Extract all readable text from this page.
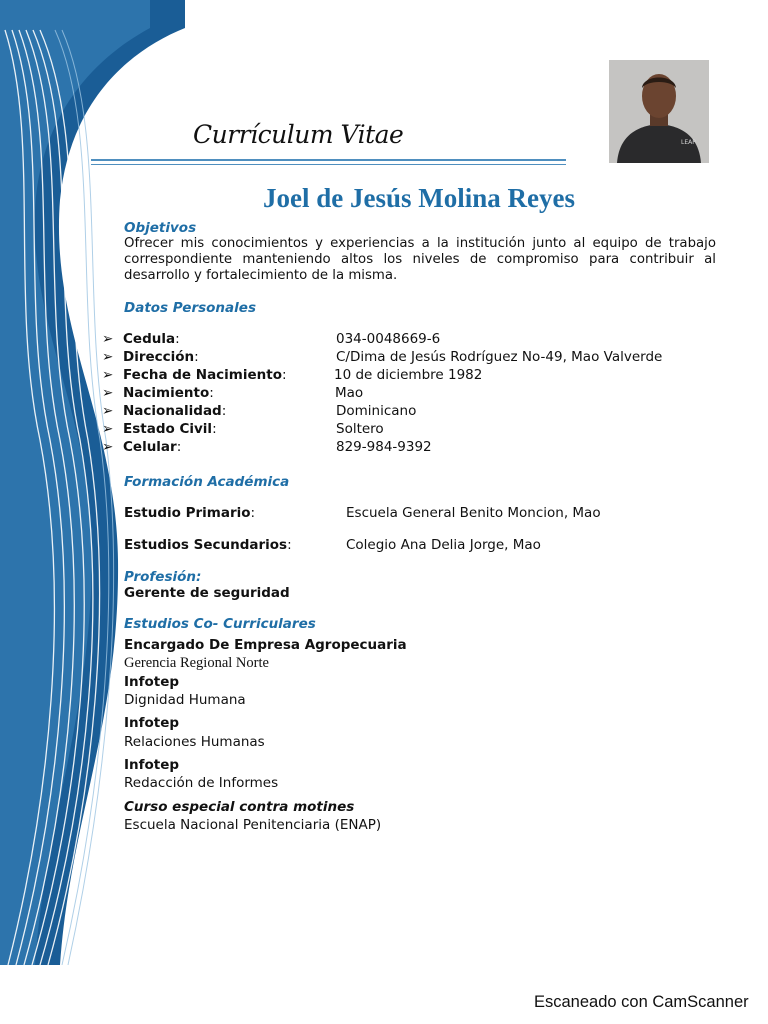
LEAP
Currículum Vitae
Joel de Jesús Molina Reyes
Objetivos
Ofrecer mis conocimientos y experiencias a la institución junto al equipo de trabajo correspondiente manteniendo altos los niveles de compromiso para contribuir al desarrollo y fortalecimiento de la misma.
Datos Personales
➢ Cedula:	034-0048669-6
➢ Dirección:	C/Dima de Jesús Rodríguez No-49, Mao Valverde
➢ Fecha de Nacimiento:	10 de diciembre 1982
➢ Nacimiento:	Mao
➢ Nacionalidad:	Dominicano
➢ Estado Civil:	Soltero
➢ Celular:	829-984-9392
Formación Académica
Estudio Primario:	Escuela General Benito Moncion, Mao
Estudios Secundarios:	Colegio Ana Delia Jorge, Mao
Profesión:
Gerente de seguridad
Estudios Co- Curriculares
Encargado De Empresa Agropecuaria
Gerencia Regional Norte
Infotep
Dignidad Humana
Infotep
Relaciones Humanas
Infotep
Redacción de Informes
Curso especial contra motines
Escuela Nacional Penitenciaria (ENAP)
Escaneado con CamScanner
